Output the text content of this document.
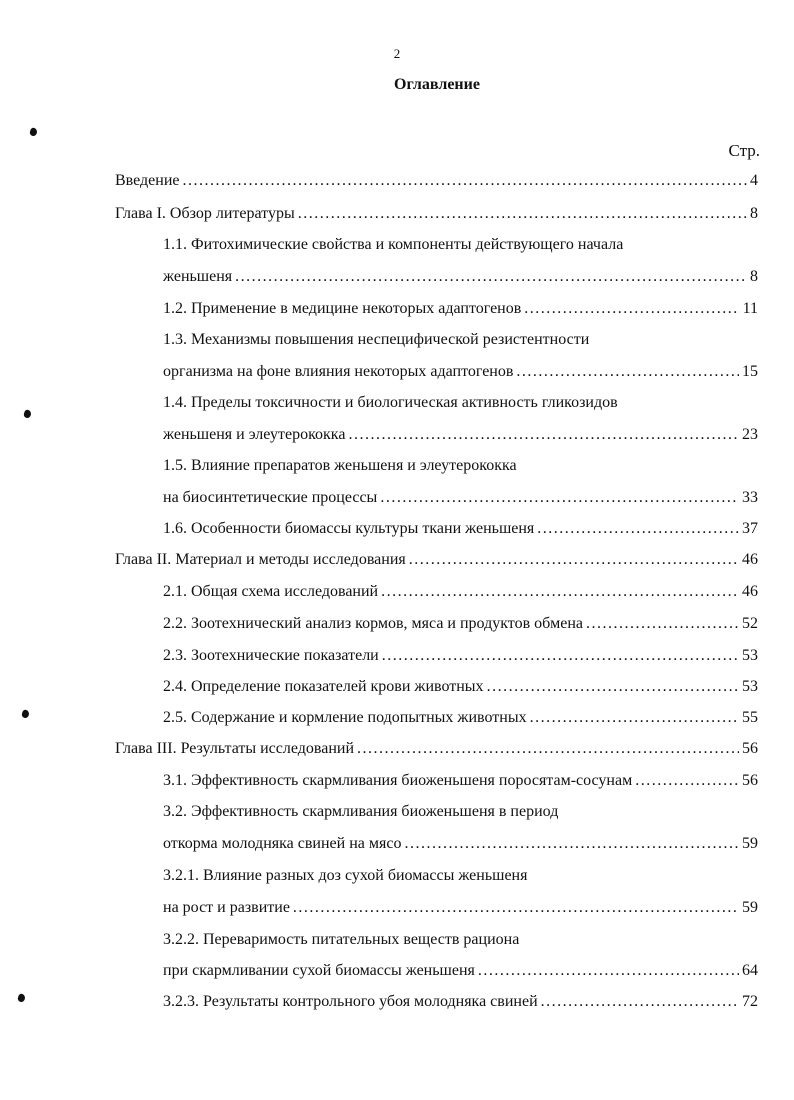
2
Оглавление
Стр.
Введение .....	4
Глава I. Обзор литературы .....	8
1.1. Фитохимические свойства и компоненты действующего начала
женьшеня .....	8
1.2. Применение в медицине некоторых адаптогенов .....	11
1.3. Механизмы повышения неспецифической резистентности
организма на фоне влияния некоторых адаптогенов .....	15
1.4. Пределы токсичности и биологическая активность гликозидов
женьшеня и элеутерококка .....	23
1.5. Влияние препаратов женьшеня и элеутерококка
на биосинтетические процессы .....	33
1.6. Особенности биомассы культуры ткани женьшеня .....	37
Глава II. Материал и методы исследования .....	46
2.1. Общая схема исследований .....	46
2.2. Зоотехнический анализ кормов, мяса и продуктов обмена .....	52
2.3. Зоотехнические показатели .....	53
2.4. Определение показателей крови животных .....	53
2.5. Содержание и кормление подопытных животных .....	55
Глава III. Результаты исследований .....	56
3.1. Эффективность скармливания биоженьшеня поросятам-сосунам .....	56
3.2. Эффективность скармливания биоженьшеня в период
откорма молодняка свиней на мясо .....	59
3.2.1. Влияние разных доз сухой биомассы женьшеня
на рост и развитие .....	59
3.2.2. Переваримость питательных веществ рациона
при скармливании сухой биомассы женьшеня .....	64
3.2.3. Результаты контрольного убоя молодняка свиней .....	72
